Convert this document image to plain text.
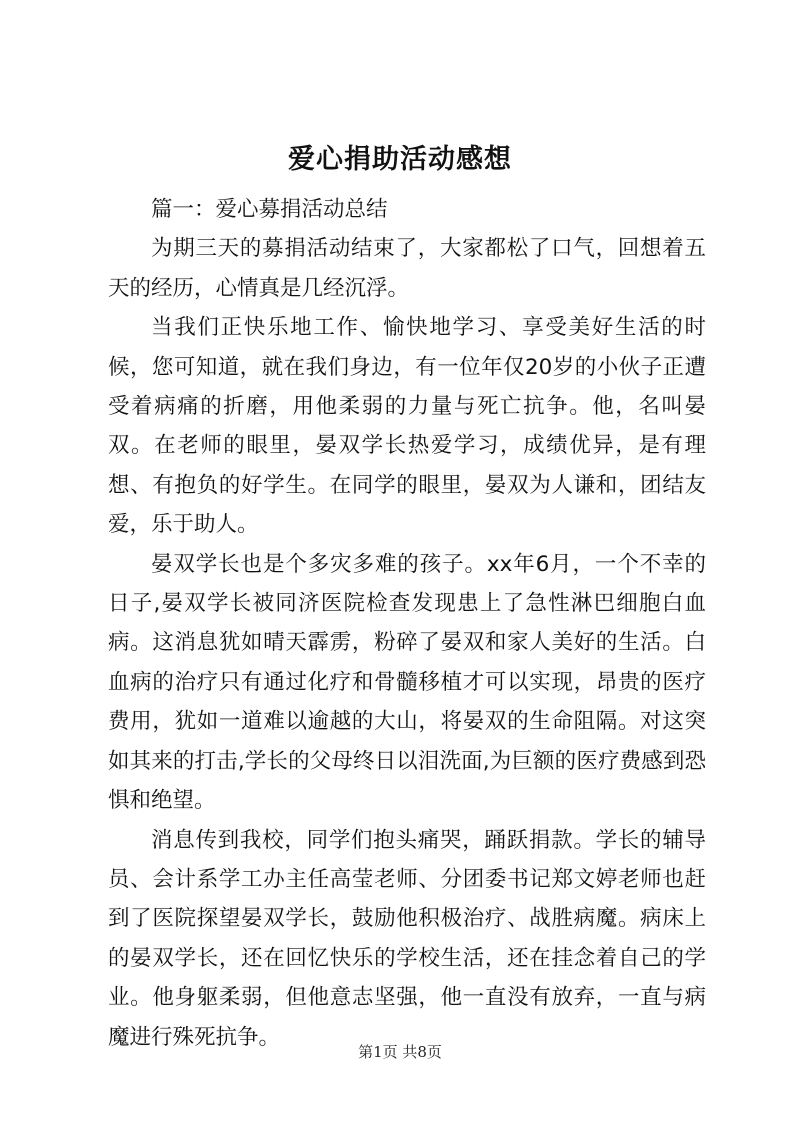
爱心捐助活动感想

篇一：爱心募捐活动总结

为期三天的募捐活动结束了，大家都松了口气，回想着五天的经历，心情真是几经沉浮。

当我们正快乐地工作、愉快地学习、享受美好生活的时候，您可知道，就在我们身边，有一位年仅20岁的小伙子正遭受着病痛的折磨，用他柔弱的力量与死亡抗争。他，名叫晏双。在老师的眼里，晏双学长热爱学习，成绩优异，是有理想、有抱负的好学生。在同学的眼里，晏双为人谦和，团结友爱，乐于助人。

晏双学长也是个多灾多难的孩子。xx年6月，一个不幸的日子,晏双学长被同济医院检查发现患上了急性淋巴细胞白血病。这消息犹如晴天霹雳，粉碎了晏双和家人美好的生活。白血病的治疗只有通过化疗和骨髓移植才可以实现，昂贵的医疗费用，犹如一道难以逾越的大山，将晏双的生命阻隔。对这突如其来的打击,学长的父母终日以泪洗面,为巨额的医疗费感到恐惧和绝望。

消息传到我校，同学们抱头痛哭，踊跃捐款。学长的辅导员、会计系学工办主任高莹老师、分团委书记郑文婷老师也赶到了医院探望晏双学长，鼓励他积极治疗、战胜病魔。病床上的晏双学长，还在回忆快乐的学校生活，还在挂念着自己的学业。他身躯柔弱，但他意志坚强，他一直没有放弃，一直与病魔进行殊死抗争。

第1页 共8页
